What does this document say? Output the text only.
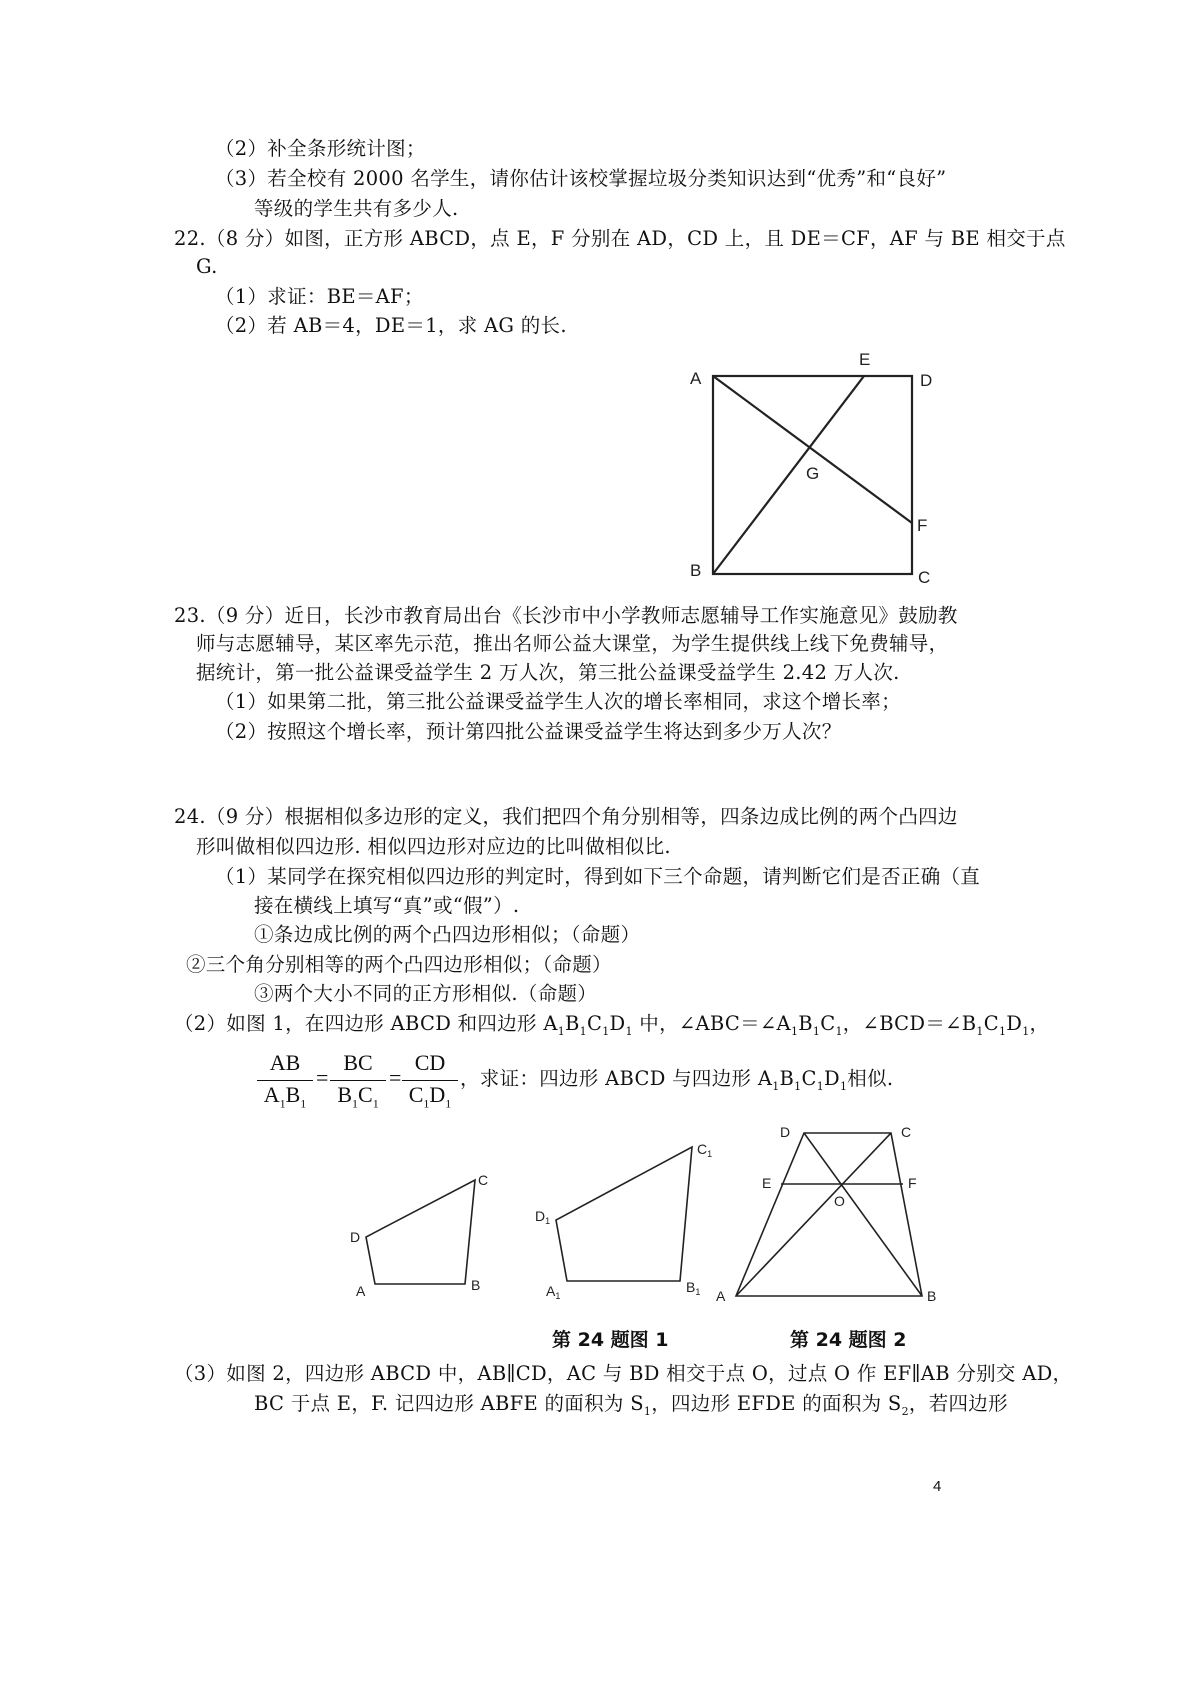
（2）补全条形统计图；
（3）若全校有 2000 名学生，请你估计该校掌握垃圾分类知识达到“优秀”和“良好”
等级的学生共有多少人.
22.（8 分）如图，正方形 ABCD，点 E，F 分别在 AD，CD 上，且 DE＝CF，AF 与 BE 相交于点
G.
（1）求证：BE＝AF；
（2）若 AB＝4，DE＝1，求 AG 的长.
A
B	C
D
E
F
G
A	B
C
D
$A_1$
$B_1$
$C_1$
$D_1$
A	B
C
D
E	F
O
23.（9 分）近日，长沙市教育局出台《长沙市中小学教师志愿辅导工作实施意见》鼓励教
师与志愿辅导，某区率先示范，推出名师公益大课堂，为学生提供线上线下免费辅导，
据统计，第一批公益课受益学生 2 万人次，第三批公益课受益学生 2.42 万人次.
（1）如果第二批，第三批公益课受益学生人次的增长率相同，求这个增长率；
（2）按照这个增长率，预计第四批公益课受益学生将达到多少万人次？
24.（9 分）根据相似多边形的定义，我们把四个角分别相等，四条边成比例的两个凸四边
形叫做相似四边形. 相似四边形对应边的比叫做相似比.
（1）某同学在探究相似四边形的判定时，得到如下三个命题，请判断它们是否正确（直
接在横线上填写“真”或“假”）.
①条边成比例的两个凸四边形相似；（命题）
②三个角分别相等的两个凸四边形相似；（命题）
③两个大小不同的正方形相似.（命题）
（2）如图 1，在四边形 ABCD 和四边形 $A_1B_1C_1D_1$ 中，$\angle ABC=\angle A_1B_1C_1$，$\angle BCD=\angle B_1C_1D_1$，
AB
$A_1B_1$
=
BC
$B_1C_1$
=
CD
$C_1D_1$
，求证：四边形 ABCD 与四边形 $A_1B_1C_1D_1$相似.
第 24 题图 1	第 24 题图 2
（3）如图 2，四边形 ABCD 中，AB∥CD，AC 与 BD 相交于点 O，过点 O 作 EF∥AB 分别交 AD，
BC 于点 E，F. 记四边形 ABFE 的面积为 $S_1$，四边形 EFDE 的面积为 $S_2$，若四边形
4
